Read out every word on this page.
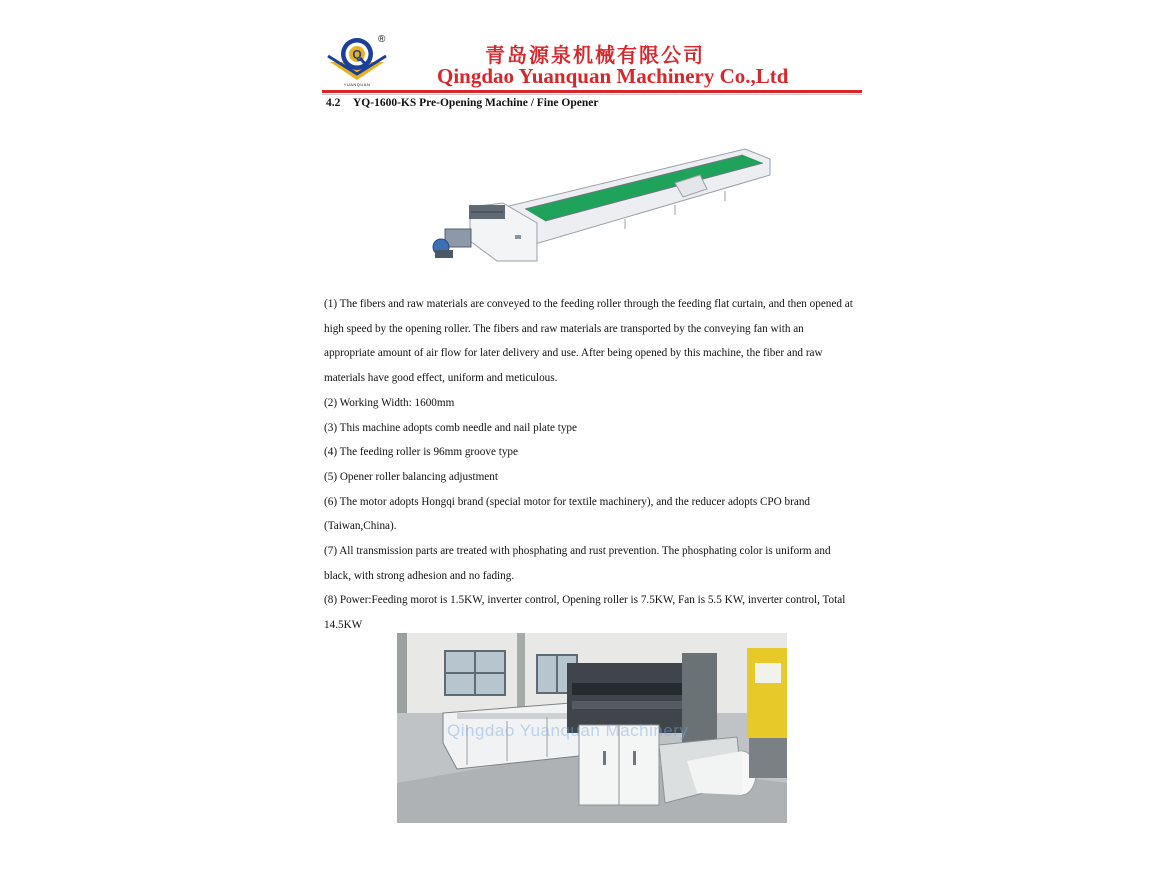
Q
®
YUANQUAN
青岛源泉机械有限公司
Qingdao Yuanquan Machinery Co.,Ltd
4.2 YQ-1600-KS Pre-Opening Machine / Fine Opener

(1) The fibers and raw materials are conveyed to the feeding roller through the feeding flat curtain, and then opened at high speed by the opening roller. The fibers and raw materials are transported by the conveying fan with an appropriate amount of air flow for later delivery and use. After being opened by this machine, the fiber and raw materials have good effect, uniform and meticulous.

(2) Working Width: 1600mm

(3) This machine adopts comb needle and nail plate type

(4) The feeding roller is 96mm groove type

(5) Opener roller balancing adjustment

(6) The motor adopts Hongqi brand (special motor for textile machinery), and the reducer adopts CPO brand (Taiwan,China).

(7) All transmission parts are treated with phosphating and rust prevention. The phosphating color is uniform and black, with strong adhesion and no fading.

(8) Power:Feeding morot is 1.5KW, inverter control, Opening roller is 7.5KW, Fan is 5.5 KW, inverter control, Total 14.5KW

Qingdao Yuanquan Machinery
